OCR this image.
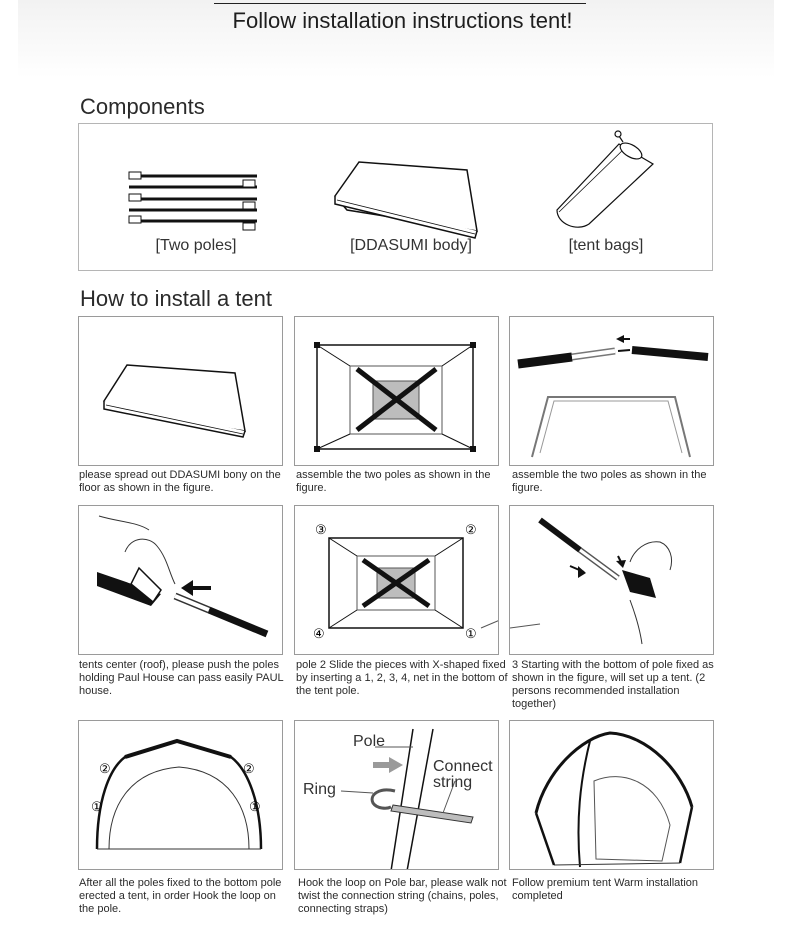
Follow installation instructions tent!
Components
[Two poles]	[DDASUMI body]	[tent bags]
How to install a tent
please spread out DDASUMI bony on the floor as shown in the figure.
assemble the two poles as shown in the figure.
assemble the two poles as shown in the figure.
③	②
④	①
tents center (roof), please push the poles holding Paul House can pass easily PAUL house.
pole 2 Slide the pieces with X-shaped fixed by inserting a 1, 2, 3, 4, net in the bottom of the tent pole.
3 Starting with the bottom of pole fixed as shown in the figure, will set up a tent. (2 persons recommended installation together)
②	②
①	①
Pole
Connect
string
Ring
After all the poles fixed to the bottom pole erected a tent, in order Hook the loop on the pole.
Hook the loop on Pole bar, please walk not twist the connection string (chains, poles, connecting straps)
Follow premium tent Warm installation completed
